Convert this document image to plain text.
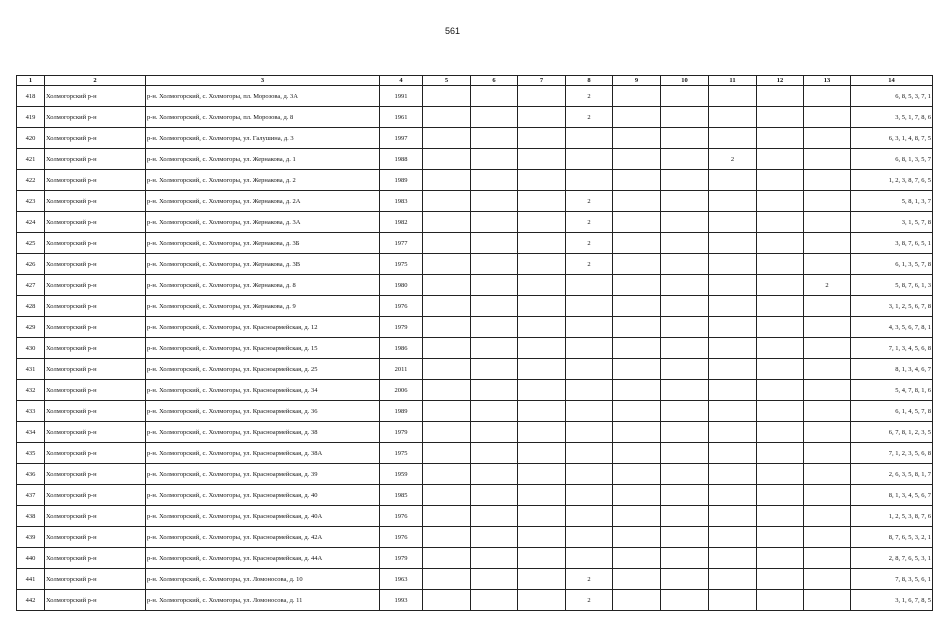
561
1	2	3	4	5	6	7	8	9	10	11	12	13	14
418	Холмогорский р-н	р-н. Холмогорский, с. Холмогоры, пл. Морозова, д. 3А	1991				2						6, 8, 5, 3, 7, 1
419	Холмогорский р-н	р-н. Холмогорский, с. Холмогоры, пл. Морозова, д. 8	1961				2						3, 5, 1, 7, 8, 6
420	Холмогорский р-н	р-н. Холмогорский, с. Холмогоры, ул. Галушина, д. 3	1997										6, 3, 1, 4, 8, 7, 5
421	Холмогорский р-н	р-н. Холмогорский, с. Холмогоры, ул. Жернакова, д. 1	1988							2			6, 8, 1, 3, 5, 7
422	Холмогорский р-н	р-н. Холмогорский, с. Холмогоры, ул. Жернакова, д. 2	1989										1, 2, 3, 8, 7, 6, 5
423	Холмогорский р-н	р-н. Холмогорский, с. Холмогоры, ул. Жернакова, д. 2А	1983				2						5, 8, 1, 3, 7
424	Холмогорский р-н	р-н. Холмогорский, с. Холмогоры, ул. Жернакова, д. 3А	1982				2						3, 1, 5, 7, 8
425	Холмогорский р-н	р-н. Холмогорский, с. Холмогоры, ул. Жернакова, д. 3Б	1977				2						3, 8, 7, 6, 5, 1
426	Холмогорский р-н	р-н. Холмогорский, с. Холмогоры, ул. Жернакова, д. 3В	1975				2						6, 1, 3, 5, 7, 8
427	Холмогорский р-н	р-н. Холмогорский, с. Холмогоры, ул. Жернакова, д. 8	1980									2	5, 8, 7, 6, 1, 3
428	Холмогорский р-н	р-н. Холмогорский, с. Холмогоры, ул. Жернакова, д. 9	1976										3, 1, 2, 5, 6, 7, 8
429	Холмогорский р-н	р-н. Холмогорский, с. Холмогоры, ул. Красноармейская, д. 12	1979										4, 3, 5, 6, 7, 8, 1
430	Холмогорский р-н	р-н. Холмогорский, с. Холмогоры, ул. Красноармейская, д. 15	1986										7, 1, 3, 4, 5, 6, 8
431	Холмогорский р-н	р-н. Холмогорский, с. Холмогоры, ул. Красноармейская, д. 25	2011										8, 1, 3, 4, 6, 7
432	Холмогорский р-н	р-н. Холмогорский, с. Холмогоры, ул. Красноармейская, д. 34	2006										5, 4, 7, 8, 1, 6
433	Холмогорский р-н	р-н. Холмогорский, с. Холмогоры, ул. Красноармейская, д. 36	1989										6, 1, 4, 5, 7, 8
434	Холмогорский р-н	р-н. Холмогорский, с. Холмогоры, ул. Красноармейская, д. 38	1979										6, 7, 8, 1, 2, 3, 5
435	Холмогорский р-н	р-н. Холмогорский, с. Холмогоры, ул. Красноармейская, д. 38А	1975										7, 1, 2, 3, 5, 6, 8
436	Холмогорский р-н	р-н. Холмогорский, с. Холмогоры, ул. Красноармейская, д. 39	1959										2, 6, 3, 5, 8, 1, 7
437	Холмогорский р-н	р-н. Холмогорский, с. Холмогоры, ул. Красноармейская, д. 40	1985										8, 1, 3, 4, 5, 6, 7
438	Холмогорский р-н	р-н. Холмогорский, с. Холмогоры, ул. Красноармейская, д. 40А	1976										1, 2, 5, 3, 8, 7, 6
439	Холмогорский р-н	р-н. Холмогорский, с. Холмогоры, ул. Красноармейская, д. 42А	1976										8, 7, 6, 5, 3, 2, 1
440	Холмогорский р-н	р-н. Холмогорский, с. Холмогоры, ул. Красноармейская, д. 44А	1979										2, 8, 7, 6, 5, 3, 1
441	Холмогорский р-н	р-н. Холмогорский, с. Холмогоры, ул. Ломоносова, д. 10	1963				2						7, 8, 3, 5, 6, 1
442	Холмогорский р-н	р-н. Холмогорский, с. Холмогоры, ул. Ломоносова, д. 11	1993				2						3, 1, 6, 7, 8, 5
